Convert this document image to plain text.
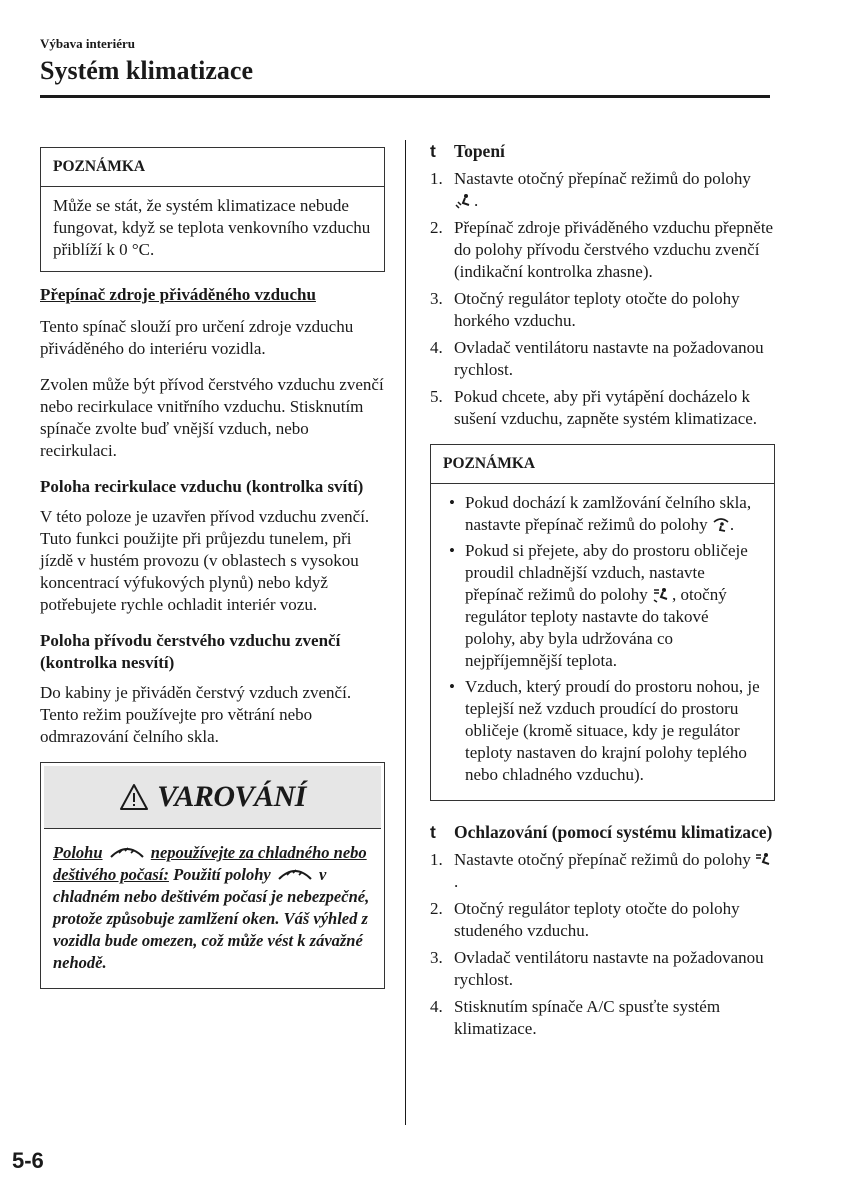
Výbava interiéru
Systém klimatizace
POZNÁMKA
Může se stát, že systém klimatizace nebude fungovat, když se teplota venkovního vzduchu přiblíží k 0 °C.

Přepínač zdroje přiváděného vzduchu

Tento spínač slouží pro určení zdroje vzduchu přiváděného do interiéru vozidla.

Zvolen může být přívod čerstvého vzduchu zvenčí nebo recirkulace vnitřního vzduchu. Stisknutím spínače zvolte buď vnější vzduch, nebo recirkulaci.

Poloha recirkulace vzduchu (kontrolka svítí)

V této poloze je uzavřen přívod vzduchu zvenčí. Tuto funkci použijte při průjezdu tunelem, při jízdě v hustém provozu (v oblastech s vysokou koncentrací výfukových plynů) nebo když potřebujete rychle ochladit interiér vozu.

Poloha přívodu čerstvého vzduchu zvenčí (kontrolka nesvítí)

Do kabiny je přiváděn čerstvý vzduch zvenčí.

Tento režim používejte pro větrání nebo odmrazování čelního skla.

VAROVÁNÍ
Polohu	nepoužívejte za chladného nebo deštivého počasí: Použití polohy	v chladném nebo deštivém počasí je nebezpečné, protože způsobuje zamlžení oken. Váš výhled z vozidla bude omezen, což může vést k závažné nehodě.
t	Topení
1. Nastavte otočný přepínač režimů do polohy .
2. Přepínač zdroje přiváděného vzduchu přepněte do polohy přívodu čerstvého vzduchu zvenčí (indikační kontrolka zhasne).
3. Otočný regulátor teploty otočte do polohy horkého vzduchu.
4. Ovladač ventilátoru nastavte na požadovanou rychlost.
5. Pokud chcete, aby při vytápění docházelo k sušení vzduchu, zapněte systém klimatizace.
POZNÁMKA
• Pokud dochází k zamlžování čelního skla, nastavte přepínač režimů do polohy .
• Pokud si přejete, aby do prostoru obličeje proudil chladnější vzduch, nastavte přepínač režimů do polohy , otočný regulátor teploty nastavte do takové polohy, aby byla udržována co nejpříjemnější teplota.
• Vzduch, který proudí do prostoru nohou, je teplejší než vzduch proudící do prostoru obličeje (kromě situace, kdy je regulátor teploty nastaven do krajní polohy teplého nebo chladného vzduchu).
t	Ochlazování (pomocí systému klimatizace)
1. Nastavte otočný přepínač režimů do polohy .
2. Otočný regulátor teploty otočte do polohy studeného vzduchu.
3. Ovladač ventilátoru nastavte na požadovanou rychlost.
4. Stisknutím spínače A/C spusťte systém klimatizace.
5-6
